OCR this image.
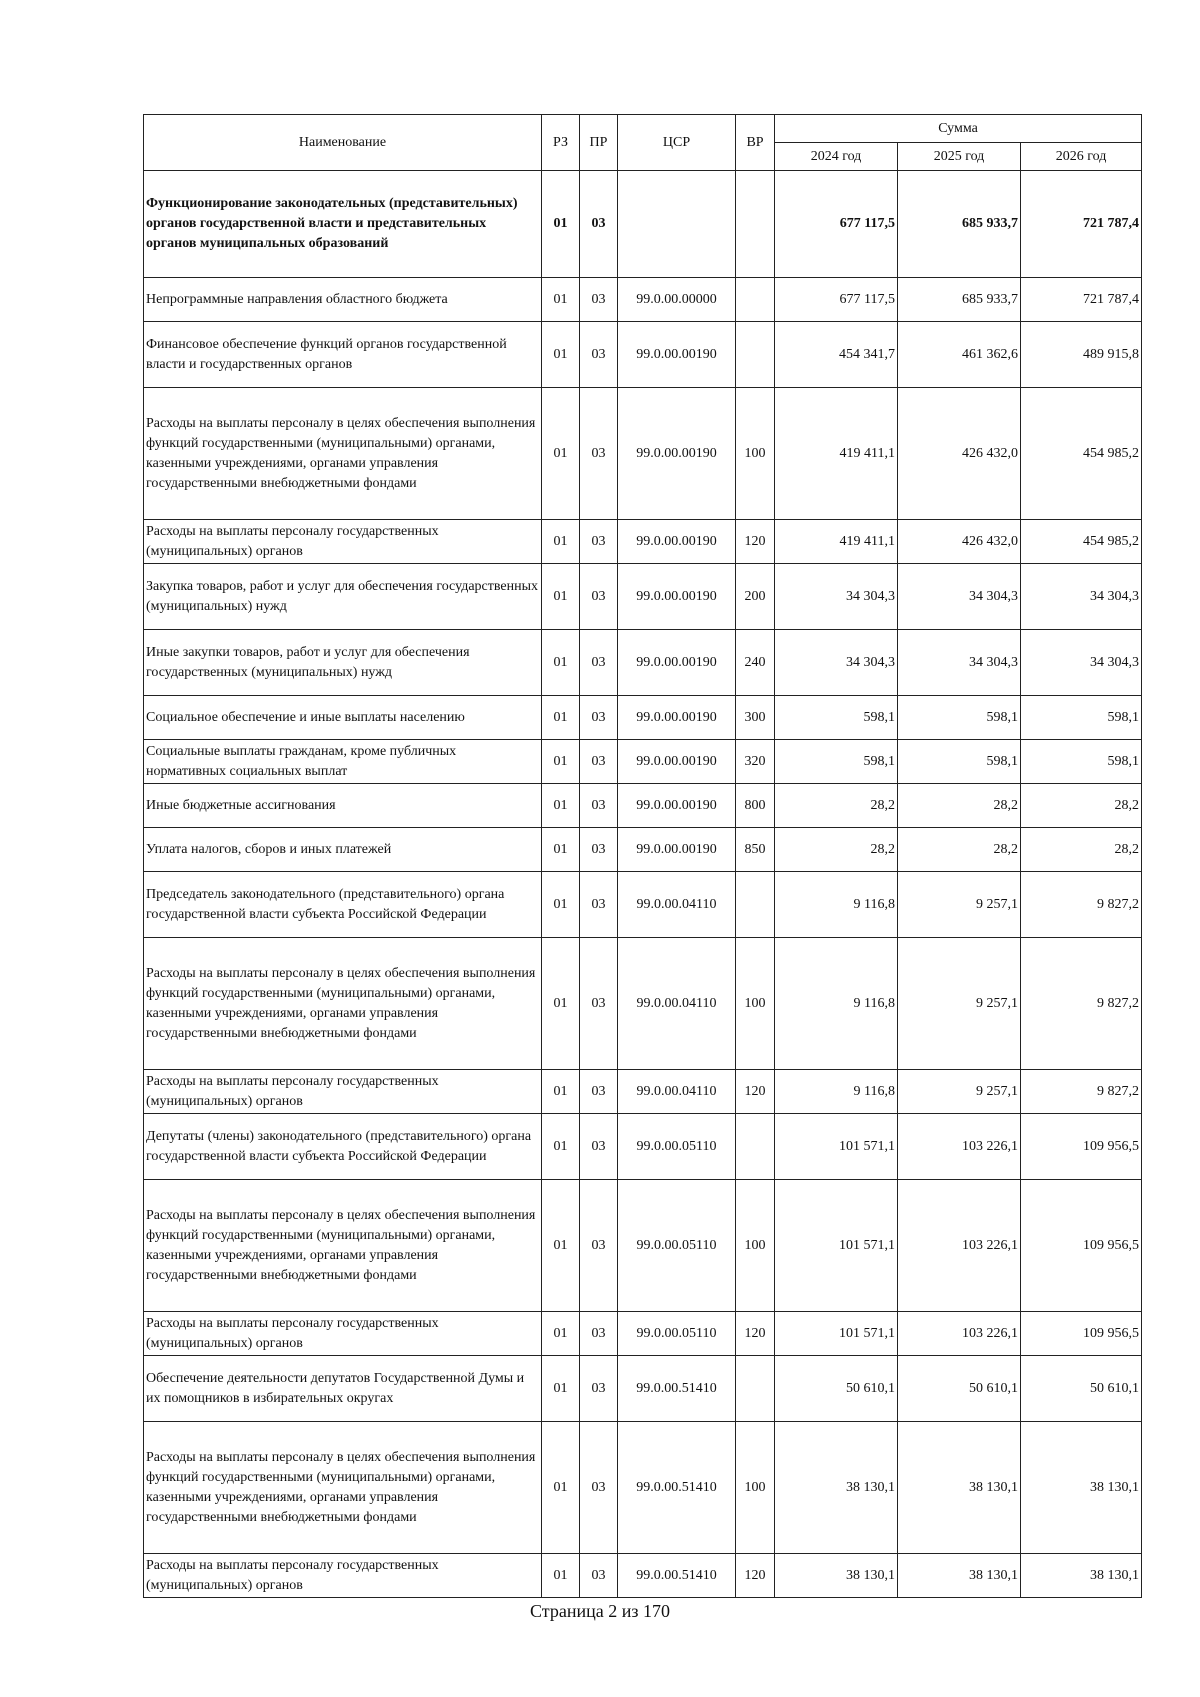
Наименование	РЗ	ПР	ЦСР	ВР	Сумма		
					2024 год	2025 год	2026 год
Функционирование законодательных (представительных) органов государственной власти и представительных органов муниципальных образований	01	03			677 117,5	685 933,7	721 787,4
Непрограммные направления областного бюджета	01	03	99.0.00.00000		677 117,5	685 933,7	721 787,4
Финансовое обеспечение функций органов государственной власти и государственных органов	01	03	99.0.00.00190		454 341,7	461 362,6	489 915,8
Расходы на выплаты персоналу в целях обеспечения выполнения функций государственными (муниципальными) органами, казенными учреждениями, органами управления государственными внебюджетными фондами	01	03	99.0.00.00190	100	419 411,1	426 432,0	454 985,2
Расходы на выплаты персоналу государственных (муниципальных) органов	01	03	99.0.00.00190	120	419 411,1	426 432,0	454 985,2
Закупка товаров, работ и услуг для обеспечения государственных (муниципальных) нужд	01	03	99.0.00.00190	200	34 304,3	34 304,3	34 304,3
Иные закупки товаров, работ и услуг для обеспечения государственных (муниципальных) нужд	01	03	99.0.00.00190	240	34 304,3	34 304,3	34 304,3
Социальное обеспечение и иные выплаты населению	01	03	99.0.00.00190	300	598,1	598,1	598,1
Социальные выплаты гражданам, кроме публичных нормативных социальных выплат	01	03	99.0.00.00190	320	598,1	598,1	598,1
Иные бюджетные ассигнования	01	03	99.0.00.00190	800	28,2	28,2	28,2
Уплата налогов, сборов и иных платежей	01	03	99.0.00.00190	850	28,2	28,2	28,2
Председатель законодательного (представительного) органа государственной власти субъекта Российской Федерации	01	03	99.0.00.04110		9 116,8	9 257,1	9 827,2
Расходы на выплаты персоналу в целях обеспечения выполнения функций государственными (муниципальными) органами, казенными учреждениями, органами управления государственными внебюджетными фондами	01	03	99.0.00.04110	100	9 116,8	9 257,1	9 827,2
Расходы на выплаты персоналу государственных (муниципальных) органов	01	03	99.0.00.04110	120	9 116,8	9 257,1	9 827,2
Депутаты (члены) законодательного (представительного) органа государственной власти субъекта Российской Федерации	01	03	99.0.00.05110		101 571,1	103 226,1	109 956,5
Расходы на выплаты персоналу в целях обеспечения выполнения функций государственными (муниципальными) органами, казенными учреждениями, органами управления государственными внебюджетными фондами	01	03	99.0.00.05110	100	101 571,1	103 226,1	109 956,5
Расходы на выплаты персоналу государственных (муниципальных) органов	01	03	99.0.00.05110	120	101 571,1	103 226,1	109 956,5
Обеспечение деятельности депутатов Государственной Думы и их помощников в избирательных округах	01	03	99.0.00.51410		50 610,1	50 610,1	50 610,1
Расходы на выплаты персоналу в целях обеспечения выполнения функций государственными (муниципальными) органами, казенными учреждениями, органами управления государственными внебюджетными фондами	01	03	99.0.00.51410	100	38 130,1	38 130,1	38 130,1
Расходы на выплаты персоналу государственных (муниципальных) органов	01	03	99.0.00.51410	120	38 130,1	38 130,1	38 130,1
Страница 2 из 170
